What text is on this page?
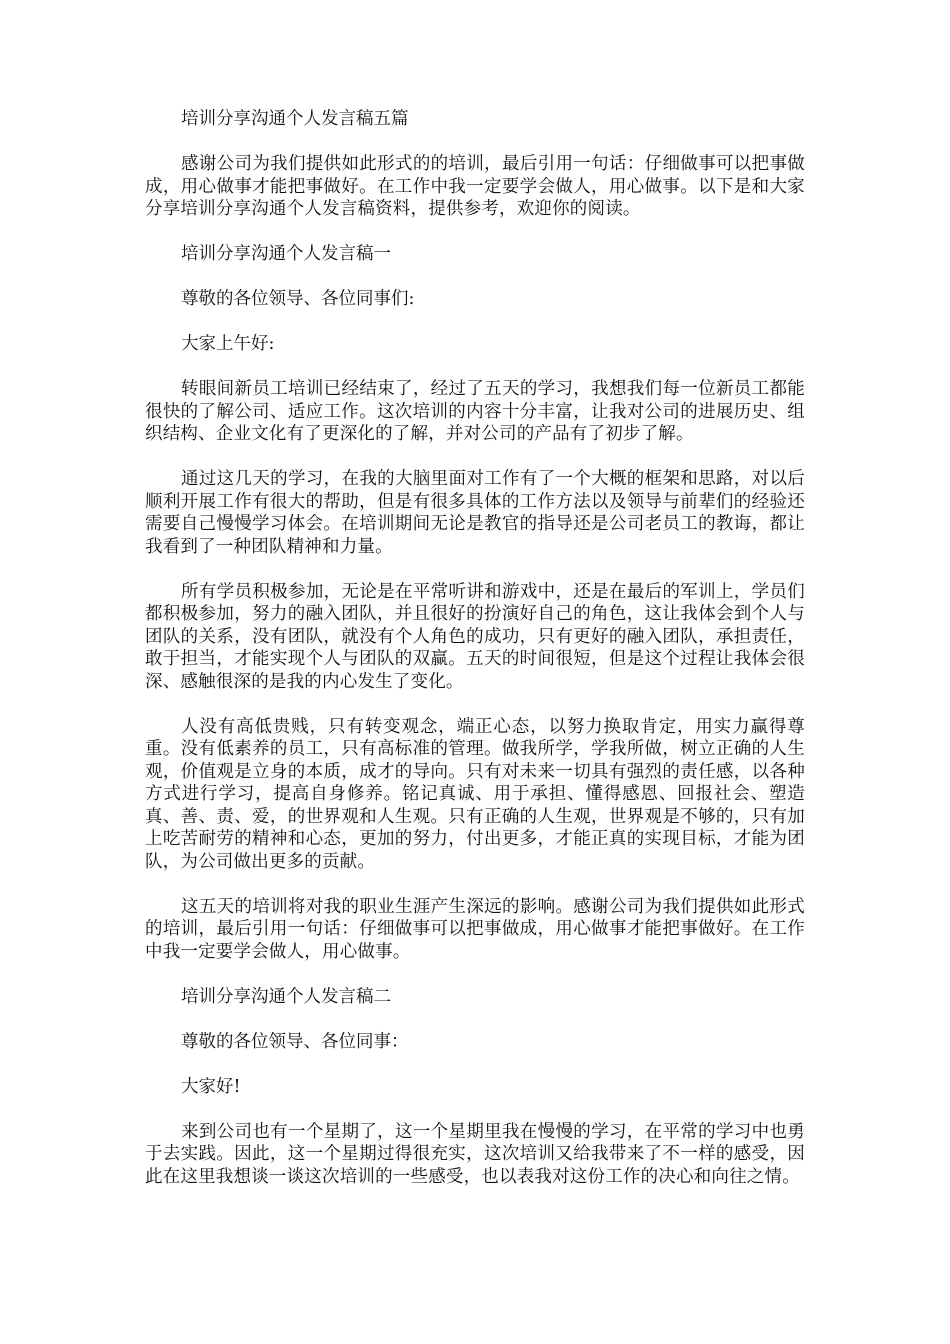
培训分享沟通个人发言稿五篇

感谢公司为我们提供如此形式的的培训，最后引用一句话：仔细做事可以把事做成，用心做事才能把事做好。在工作中我一定要学会做人，用心做事。以下是和大家分享培训分享沟通个人发言稿资料，提供参考，欢迎你的阅读。

培训分享沟通个人发言稿一

尊敬的各位领导、各位同事们:

大家上午好:

转眼间新员工培训已经结束了，经过了五天的学习，我想我们每一位新员工都能很快的了解公司、适应工作。这次培训的内容十分丰富，让我对公司的进展历史、组织结构、企业文化有了更深化的了解，并对公司的产品有了初步了解。

通过这几天的学习，在我的大脑里面对工作有了一个大概的框架和思路，对以后顺利开展工作有很大的帮助，但是有很多具体的工作方法以及领导与前辈们的经验还需要自己慢慢学习体会。在培训期间无论是教官的指导还是公司老员工的教诲，都让我看到了一种团队精神和力量。

所有学员积极参加，无论是在平常听讲和游戏中，还是在最后的军训上，学员们都积极参加，努力的融入团队，并且很好的扮演好自己的角色，这让我体会到个人与团队的关系，没有团队，就没有个人角色的成功，只有更好的融入团队，承担责任，敢于担当，才能实现个人与团队的双赢。五天的时间很短，但是这个过程让我体会很深、感触很深的是我的内心发生了变化。

人没有高低贵贱，只有转变观念，端正心态，以努力换取肯定，用实力赢得尊重。没有低素养的员工，只有高标准的管理。做我所学，学我所做，树立正确的人生观，价值观是立身的本质，成才的导向。只有对未来一切具有强烈的责任感，以各种方式进行学习，提高自身修养。铭记真诚、用于承担、懂得感恩、回报社会、塑造真、善、责、爱，的世界观和人生观。只有正确的人生观，世界观是不够的，只有加上吃苦耐劳的精神和心态，更加的努力，付出更多，才能正真的实现目标，才能为团队，为公司做出更多的贡献。

这五天的培训将对我的职业生涯产生深远的影响。感谢公司为我们提供如此形式的培训，最后引用一句话：仔细做事可以把事做成，用心做事才能把事做好。在工作中我一定要学会做人，用心做事。

培训分享沟通个人发言稿二

尊敬的各位领导、各位同事：

大家好!

来到公司也有一个星期了，这一个星期里我在慢慢的学习，在平常的学习中也勇于去实践。因此，这一个星期过得很充实，这次培训又给我带来了不一样的感受，因此在这里我想谈一谈这次培训的一些感受，也以表我对这份工作的决心和向往之情。
